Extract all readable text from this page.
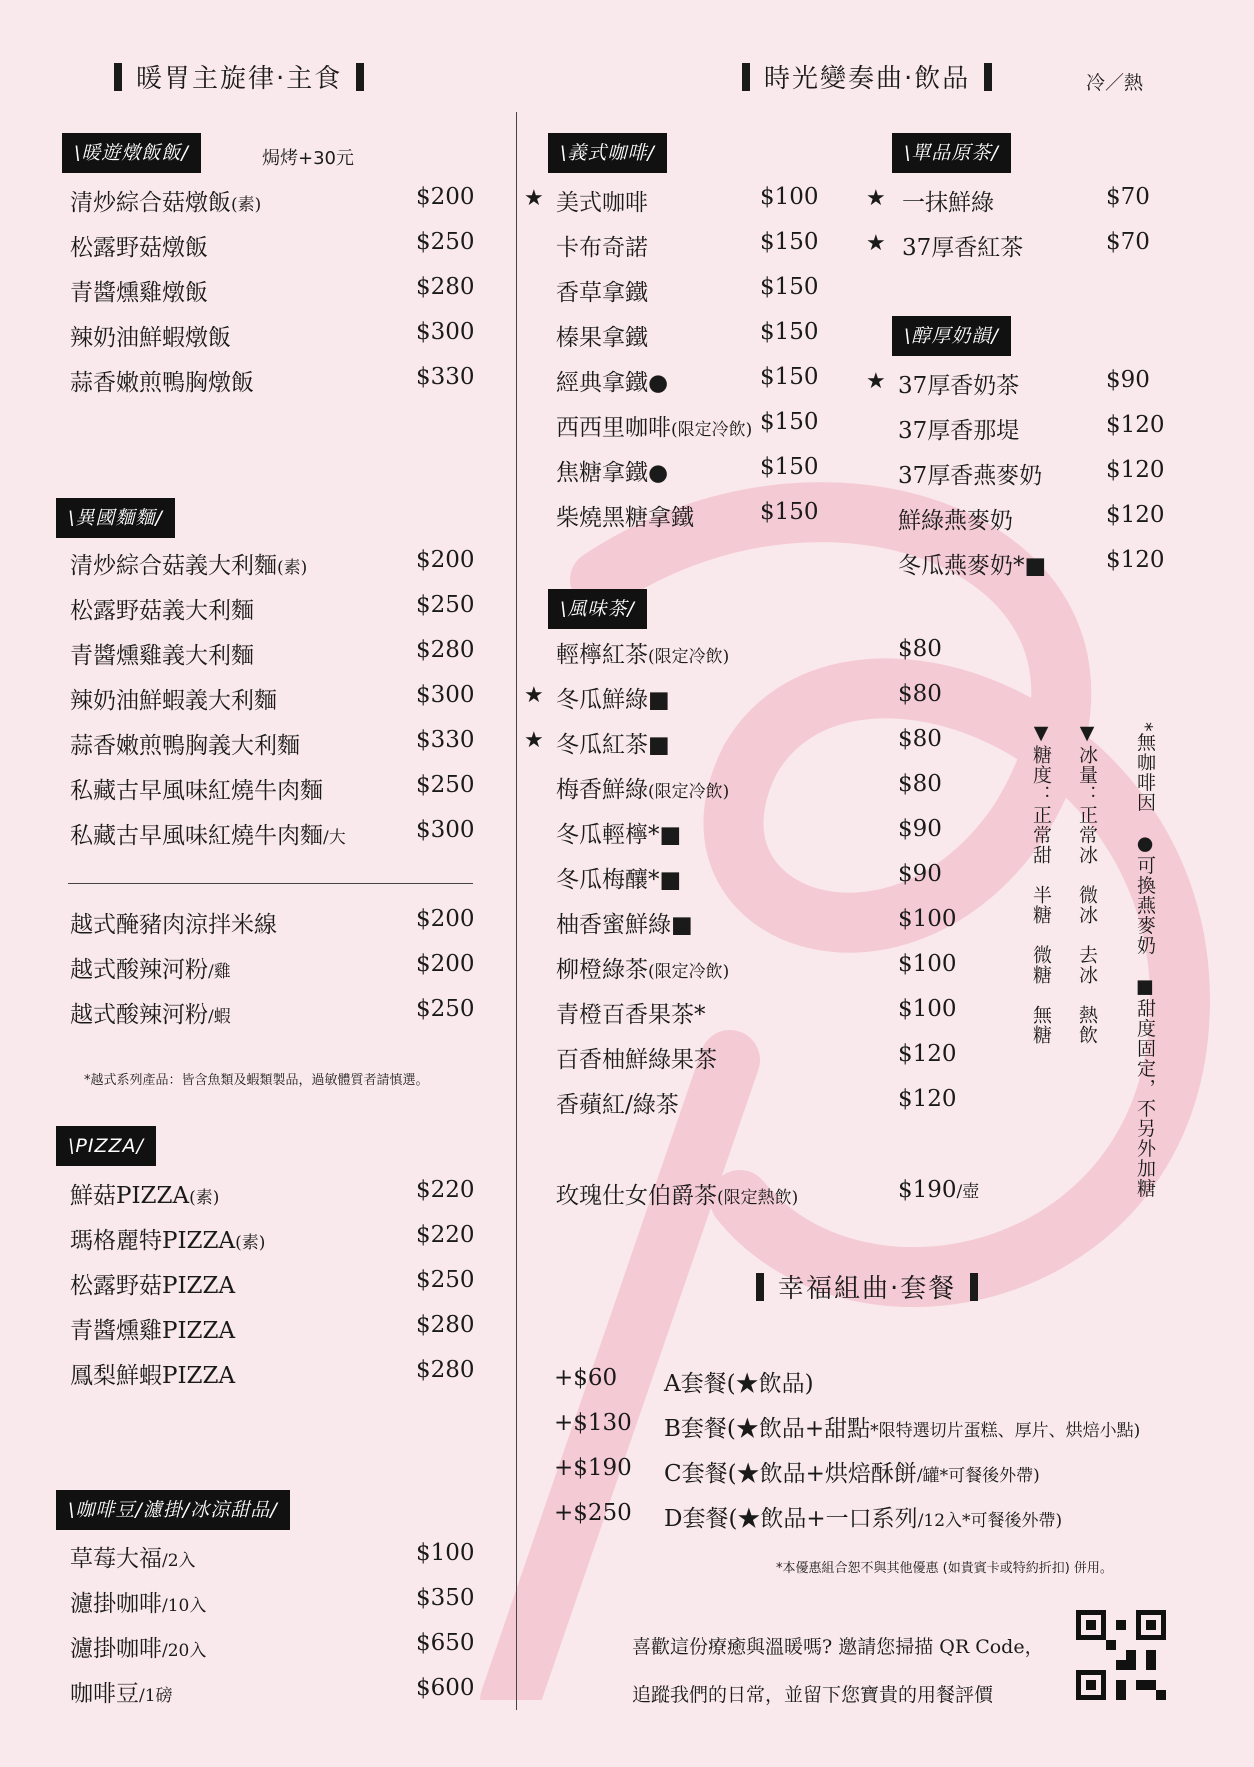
暖胃主旋律‧主食	時光變奏曲‧飲品	冷／熱
幸福組曲‧套餐
\暖遊燉飯飯/	焗烤+30元
清炒綜合菇燉飯(素)	$200
松露野菇燉飯	$250
青醬燻雞燉飯	$280
辣奶油鮮蝦燉飯	$300
蒜香嫩煎鴨胸燉飯	$330
\異國麵麵/
清炒綜合菇義大利麵(素)	$200
松露野菇義大利麵	$250
青醬燻雞義大利麵	$280
辣奶油鮮蝦義大利麵	$300
蒜香嫩煎鴨胸義大利麵	$330
私藏古早風味紅燒牛肉麵	$250
私藏古早風味紅燒牛肉麵/大	$300
越式醃豬肉涼拌米線	$200
越式酸辣河粉/雞	$200
越式酸辣河粉/蝦	$250
*越式系列產品：皆含魚類及蝦類製品，過敏體質者請慎選。
\PIZZA/
鮮菇PIZZA(素)	$220
瑪格麗特PIZZA(素)	$220
松露野菇PIZZA	$250
青醬燻雞PIZZA	$280
鳳梨鮮蝦PIZZA	$280
\咖啡豆/濾掛/冰涼甜品/
草莓大福/2入	$100
濾掛咖啡/10入	$350
濾掛咖啡/20入	$650
咖啡豆/1磅	$600
\義式咖啡/
★ 美式咖啡	$100
卡布奇諾	$150
香草拿鐵	$150
榛果拿鐵	$150
經典拿鐵●	$150
西西里咖啡(限定冷飲) $150
焦糖拿鐵●	$150
柴燒黑糖拿鐵	$150
\單品原茶/
★ 一抹鮮綠	$70
★ 37厚香紅茶	$70
\醇厚奶韻/
★ 37厚香奶茶	$90
37厚香那堤	$120
37厚香燕麥奶	$120
鮮綠燕麥奶	$120
冬瓜燕麥奶*■	$120
\風味茶/
輕檸紅茶(限定冷飲)	$80
★ 冬瓜鮮綠■	$80
★ 冬瓜紅茶■	$80
梅香鮮綠(限定冷飲)	$80
冬瓜輕檸*■	$90
冬瓜梅釀*■	$90
柚香蜜鮮綠■	$100
柳橙綠茶(限定冷飲)	$100
青橙百香果茶*	$100
百香柚鮮綠果茶	$120
香蘋紅/綠茶	$120
玫瑰仕女伯爵茶(限定熱飲)	$190/壺
▼糖度：正常甜　半糖　微糖　無糖 ▼冰量：正常冰　微冰　去冰　熱飲 *無咖啡因　●可換燕麥奶　■甜度固定，不另外加糖
+$60 A套餐(★飲品)
+$130 B套餐(★飲品+甜點*限特選切片蛋糕、厚片、烘焙小點)
+$190 C套餐(★飲品+烘焙酥餅/罐*可餐後外帶)
+$250 D套餐(★飲品+一口系列/12入*可餐後外帶)
*本優惠組合恕不與其他優惠 (如貴賓卡或特約折扣) 併用。
喜歡這份療癒與溫暖嗎? 邀請您掃描 QR Code，
追蹤我們的日常，並留下您寶貴的用餐評價
